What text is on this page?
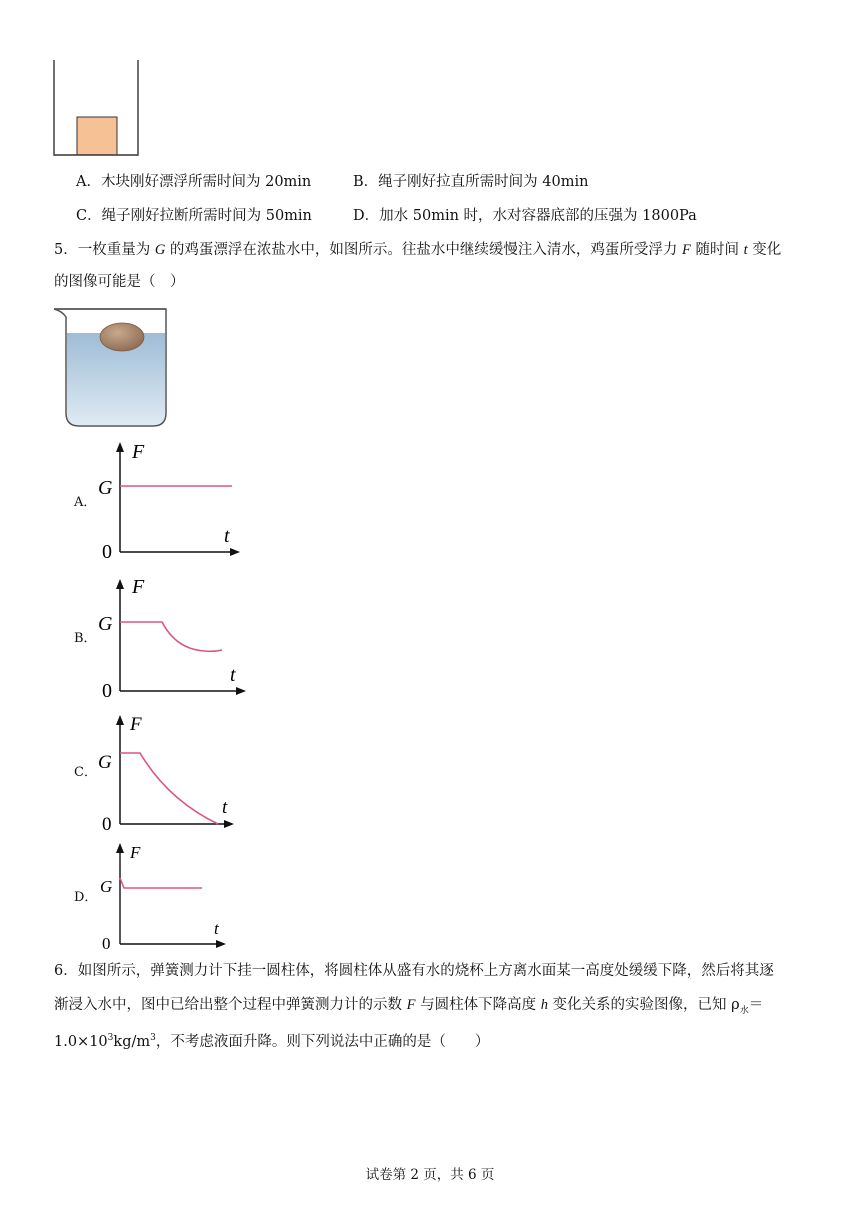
A．木块刚好漂浮所需时间为 20min	B．绳子刚好拉直所需时间为 40min
C．绳子刚好拉断所需时间为 50min	D．加水 50min 时，水对容器底部的压强为 1800Pa
5．一枚重量为 G 的鸡蛋漂浮在浓盐水中，如图所示。往盐水中继续缓慢注入清水，鸡蛋所受浮力 F 随时间 t 变化
的图像可能是（　）
A．
F
G
0
t
B．
F
G
0
t
C．
F
G
0
t
D．
F
G
0
t
6．如图所示，弹簧测力计下挂一圆柱体，将圆柱体从盛有水的烧杯上方离水面某一高度处缓缓下降，然后将其逐
渐浸入水中，图中已给出整个过程中弹簧测力计的示数 F 与圆柱体下降高度 h 变化关系的实验图像，已知 $\rho_水=$
$1.0\times 10^3kg/m^3$，不考虑液面升降。则下列说法中正确的是（　　）
试卷第 2 页，共 6 页
